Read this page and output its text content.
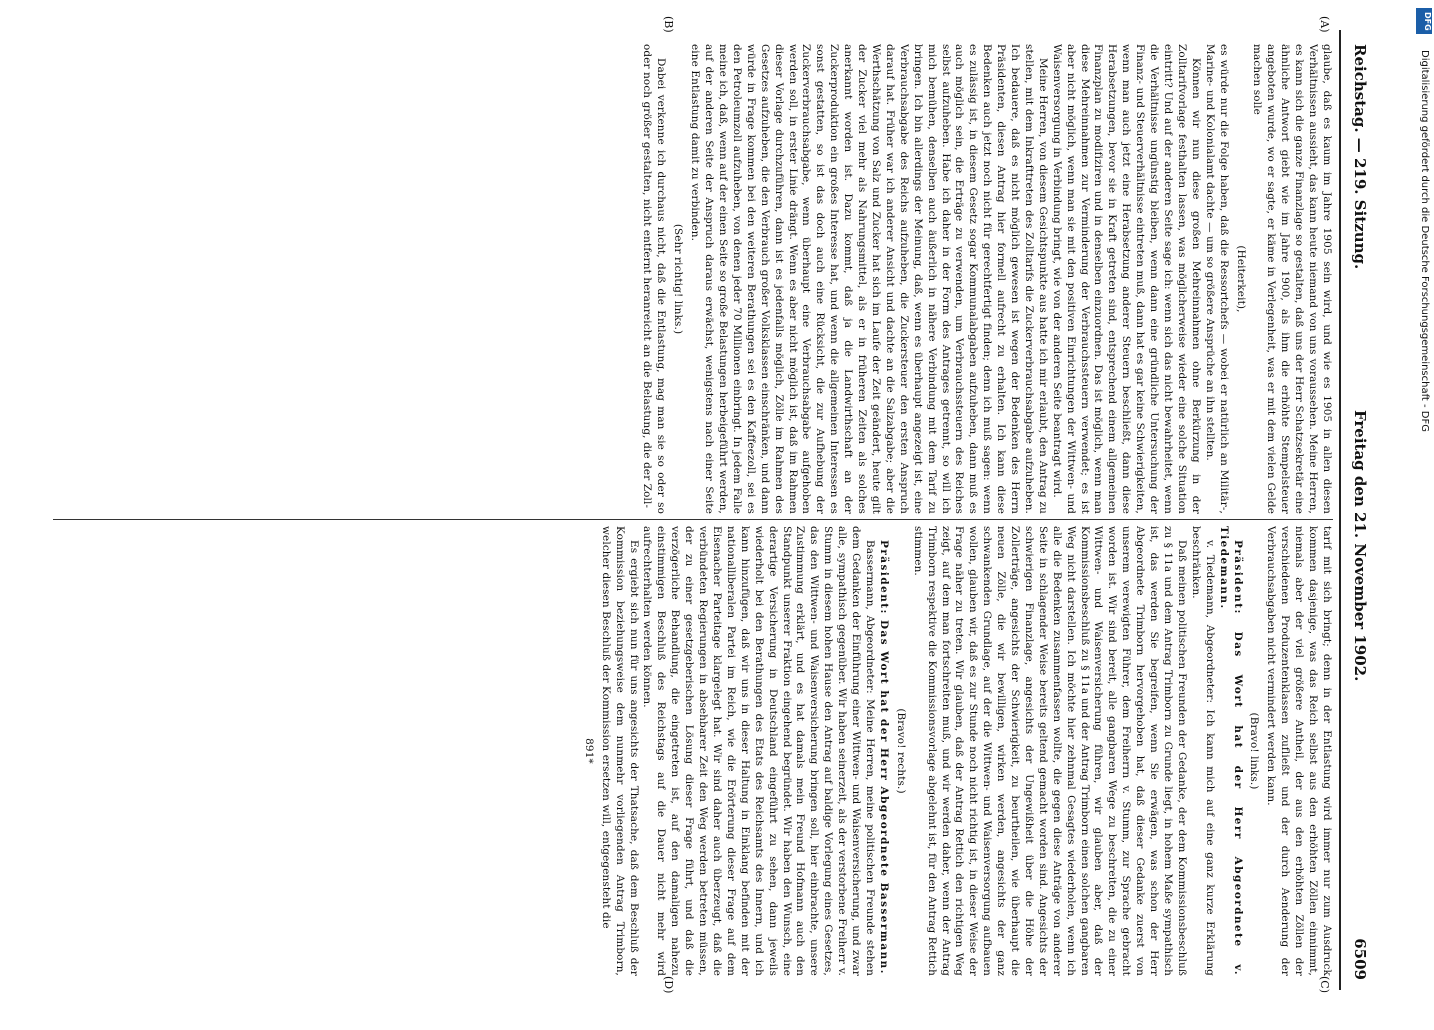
Reichstag. — 219. Sitzung.
Freitag den 21. November 1902.
6509
(A)
(B)
(C)
(D)

glaube, daß es kaum im Jahre 1905 sein wird, und wie es 1905 in allen diesen Verhältnissen aussieht, das kann heute niemand von uns voraussehen. Meine Herren, es kann sich die ganze Finanzlage so gestalten, daß uns der Herr Schatzsekretär eine ähnliche Antwort giebt wie im Jahre 1900, als ihm die erhöhte Stempelsteuer angeboten wurde, wo er sagte, er käme in Verlegenheit, was er mit dem vielen Gelde machen solle

(Heiterkeit),

es würde nur die Folge haben, daß die Ressortchefs — wobei er natürlich an Militär-, Marine- und Kolonialamt dachte — um so größere Ansprüche an ihn stellten.

Können wir nun diese großen Mehreinnahmen ohne Berkürzung in der Zolltarifvorlage festhalten lassen, was möglicherweise wieder eine solche Situation eintritt? Und auf der anderen Seite sage ich: wenn sich das nicht bewahrheitet, wenn die Verhältnisse ungünstig bleiben, wenn dann eine gründliche Untersuchung der Finanz- und Steuerverhältnisse eintreten muß, dann hat es gar keine Schwierigkeiten, wenn man auch jetzt eine Herabsetzung anderer Steuern beschließt, dann diese Herabsetzungen, bevor sie in Kraft getreten sind, entsprechend einem allgemeinen Finanzplan zu modifiziren und in denselben einzuordnen. Das ist möglich, wenn man diese Mehreinnahmen zur Verminderung der Verbrauchssteuern verwendet; es ist aber nicht möglich, wenn man sie mit den positiven Einrichtungen der Wittwen- und Waisenversorgung in Verbindung bringt, wie von der anderen Seite beantragt wird.

Meine Herren, von diesem Gesichtspunkte aus hatte ich mir erlaubt, den Antrag zu stellen, mit dem Inkrafttreten des Zolltarifs die Zuckerverbrauchsabgabe aufzuheben. Ich bedauere, daß es nicht möglich gewesen ist wegen der Bedenken des Herrn Präsidenten, diesen Antrag hier formell aufrecht zu erhalten. Ich kann diese Bedenken auch jetzt noch nicht für gerechtfertigt finden; denn ich muß sagen: wenn es zulässig ist, in diesem Gesetz sogar Kommunalabgaben aufzuheben, dann muß es auch möglich sein, die Erträge zu verwenden, um Verbrauchssteuern des Reiches selbst aufzuheben. Habe ich daher in der Form des Antrages getrennt, so will ich mich bemühen, denselben auch äußerlich in nähere Verbindung mit dem Tarif zu bringen. Ich bin allerdings der Meinung, daß, wenn es überhaupt angezeigt ist, eine Verbrauchsabgabe des Reichs aufzuheben, die Zuckersteuer den ersten Anspruch darauf hat. Früher war ich anderer Ansicht und dachte an die Salzabgabe; aber die Werthschätzung von Salz und Zucker hat sich im Laufe der Zeit geändert, heute gilt der Zucker viel mehr als Nahrungsmittel, als er in früheren Zeiten als solches anerkannt worden ist. Dazu kommt, daß ja die Landwirthschaft an der Zuckerproduktion ein großes Interesse hat, und wenn die allgemeinen Interessen es sonst gestatten, so ist das doch auch eine Rücksicht, die zur Aufhebung der Zuckerverbrauchsabgabe, wenn überhaupt eine Verbrauchsabgabe aufgehoben werden soll, in erster Linie drängt. Wenn es aber nicht möglich ist, daß im Rahmen dieser Vorlage durchzuführen, dann ist es jedenfalls möglich, Zölle im Rahmen des Gesetzes aufzuheben, die den Verbrauch großer Volksklassen einschränken, und dann würde in Frage kommen bei den weiteren Berathungen sei es den Kaffeezoll, sei es den Petroleumzoll aufzuheben, von denen jeder 70 Millionen einbringt. In jedem Falle meine ich, daß, wenn auf der einen Seite so große Belastungen herbeigeführt werden, auf der anderen Seite der Anspruch daraus erwächst, wenigstens nach einer Seite eine Entlastung damit zu verbinden.

(Sehr richtig! links.)

Dabei verkenne ich durchaus nicht, daß die Entlastung, mag man sie so oder so oder noch größer gestalten, nicht entfernt heranreicht an die Belastung, die der Zoll-

tarif mit sich bringt; denn in der Entlastung wird immer nur zum Ausdruck kommen dasjenige, was das Reich selbst aus den erhöhten Zöllen einnimmt, niemals aber der viel größere Antheil, der aus den erhöhten Zöllen der verschiedenen Produzentenklassen zufließt und der durch Aenderung der Verbrauchsabgaben nicht vermindert werden kann.

(Bravo! links.)

Präsident: Das Wort hat der Herr Abgeordnete v. Tiedemann.

v. Tiedemann, Abgeordneter: Ich kann mich auf eine ganz kurze Erklärung beschränken.

Daß meinen politischen Freunden der Gedanke, der dem Kommissionsbeschluß zu § 11a und dem Antrag Trimborn zu Grunde liegt, in hohem Maße sympathisch ist, das werden Sie begreifen, wenn Sie erwägen, was schon der Herr Abgeordnete Trimborn hervorgehoben hat, daß dieser Gedanke zuerst von unserem verewigten Führer, dem Freiherrn v. Stumm, zur Sprache gebracht worden ist. Wir sind bereit, alle gangbaren Wege zu beschreiten, die zu einer Wittwen- und Waisenversicherung führen, wir glauben aber, daß der Kommissionsbeschluß zu § 11a und der Antrag Trimborn einen solchen gangbaren Weg nicht darstellen. Ich möchte hier zehnmal Gesagtes wiederholen, wenn ich alle die Bedenken zusammenfassen wollte, die gegen diese Anträge von anderer Seite in schlagender Weise bereits geltend gemacht worden sind. Angesichts der schwierigen Finanzlage, angesichts der Ungewißheit über die Höhe der Zollerträge, angesichts der Schwierigkeit, zu beurtheilen, wie überhaupt die neuen Zölle, die wir bewilligen, wirken werden, angesichts der ganz schwankenden Grundlage, auf der die Wittwen- und Waisenversorgung aufbauen wollen, glauben wir, daß es zur Stunde noch nicht richtig ist, in dieser Weise der Frage näher zu treten. Wir glauben, daß der Antrag Rettich den richtigen Weg zeigt, auf dem man fortschreiten muß, und wir werden daher, wenn der Antrag Trimborn respektive die Kommissionsvorlage abgelehnt ist, für den Antrag Rettich stimmen.

(Bravo! rechts.)

Präsident: Das Wort hat der Herr Abgeordnete Bassermann.

Bassermann, Abgeordneter: Meine Herren, meine politischen Freunde stehen dem Gedanken der Einführung einer Wittwen- und Waisenversicherung, und zwar alle, sympathisch gegenüber. Wir haben seinerzeit, als der verstorbene Freiherr v. Stumm in diesem hohen Hause den Antrag auf baldige Vorlegung eines Gesetzes, das den Wittwen- und Waisenversicherung bringen soll, hier einbrachte, unsere Zustimmung erklärt, und es hat damals mein Freund Hofmann auch den Standpunkt unserer Fraktion eingehend begründet. Wir haben den Wunsch, eine derartige Versicherung in Deutschland eingeführt zu sehen, dann jeweils wiederholt bei den Berathungen des Etats des Reichsamts des Innern, und ich kann hinzufügen, daß wir uns in dieser Haltung in Einklang befinden mit der nationalliberalen Partei im Reich, wie die Erörterung dieser Frage auf dem Eisenacher Parteitage klargelegt hat. Wir sind daher auch überzeugt, daß die verbündeten Regierungen in absehbarer Zeit den Weg werden betreten müssen, der zu einer gesetzgeberischen Lösung dieser Frage führt, und daß die verzögerliche Behandlung, die eingetreten ist, auf den damaligen nahezu einstimmigen Beschluß des Reichstags auf die Dauer nicht mehr wird aufrechterhalten werden können.

Es ergiebt sich nun für uns angesichts der Thatsache, daß dem Beschluß der Kommission beziehungsweise dem nunmehr vorliegenden Antrag Trimborn, welcher diesen Beschluß der Kommission ersetzen will, entgegensteht die

891*

DFG
Digitalisierung gefördert durch die Deutsche Forschungsgemeinschaft - DFG
